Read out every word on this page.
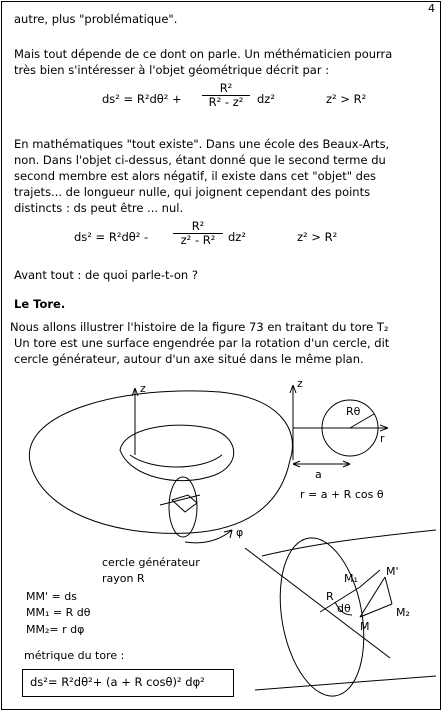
4
autre, plus "problématique".
Mais tout dépende de ce dont on parle. Un méthématicien pourra
très bien s'intéresser à l'objet géométrique décrit par :
ds² = R²dθ² +
R²
R² - z² dz²	z² > R²
En mathématiques "tout existe". Dans une école des Beaux-Arts,
non. Dans l'objet ci-dessus, étant donné que le second terme du
second membre est alors négatif, il existe dans cet "objet" des
trajets... de longueur nulle, qui joignent cependant des points
distincts : ds peut être ... nul.
ds² = R²dθ² -
R²
z² - R² dz²	z² > R²
Avant tout : de quoi parle-t-on ?
Le Tore.
Nous allons illustrer l'histoire de la figure 73 en traitant du tore T₂
Un tore est une surface engendrée par la rotation d'un cercle, dit
cercle générateur, autour d'un axe situé dans le même plan.
z
φ
z
r
Rθ
a
r = a + R cos θ
cercle générateur
rayon R
MM' = ds
MM₁ = R dθ
MM₂= r dφ
M₁
M'
R
dθ
M
M₂
métrique du tore :
ds²= R²dθ²+ (a + R cosθ)² dφ²
